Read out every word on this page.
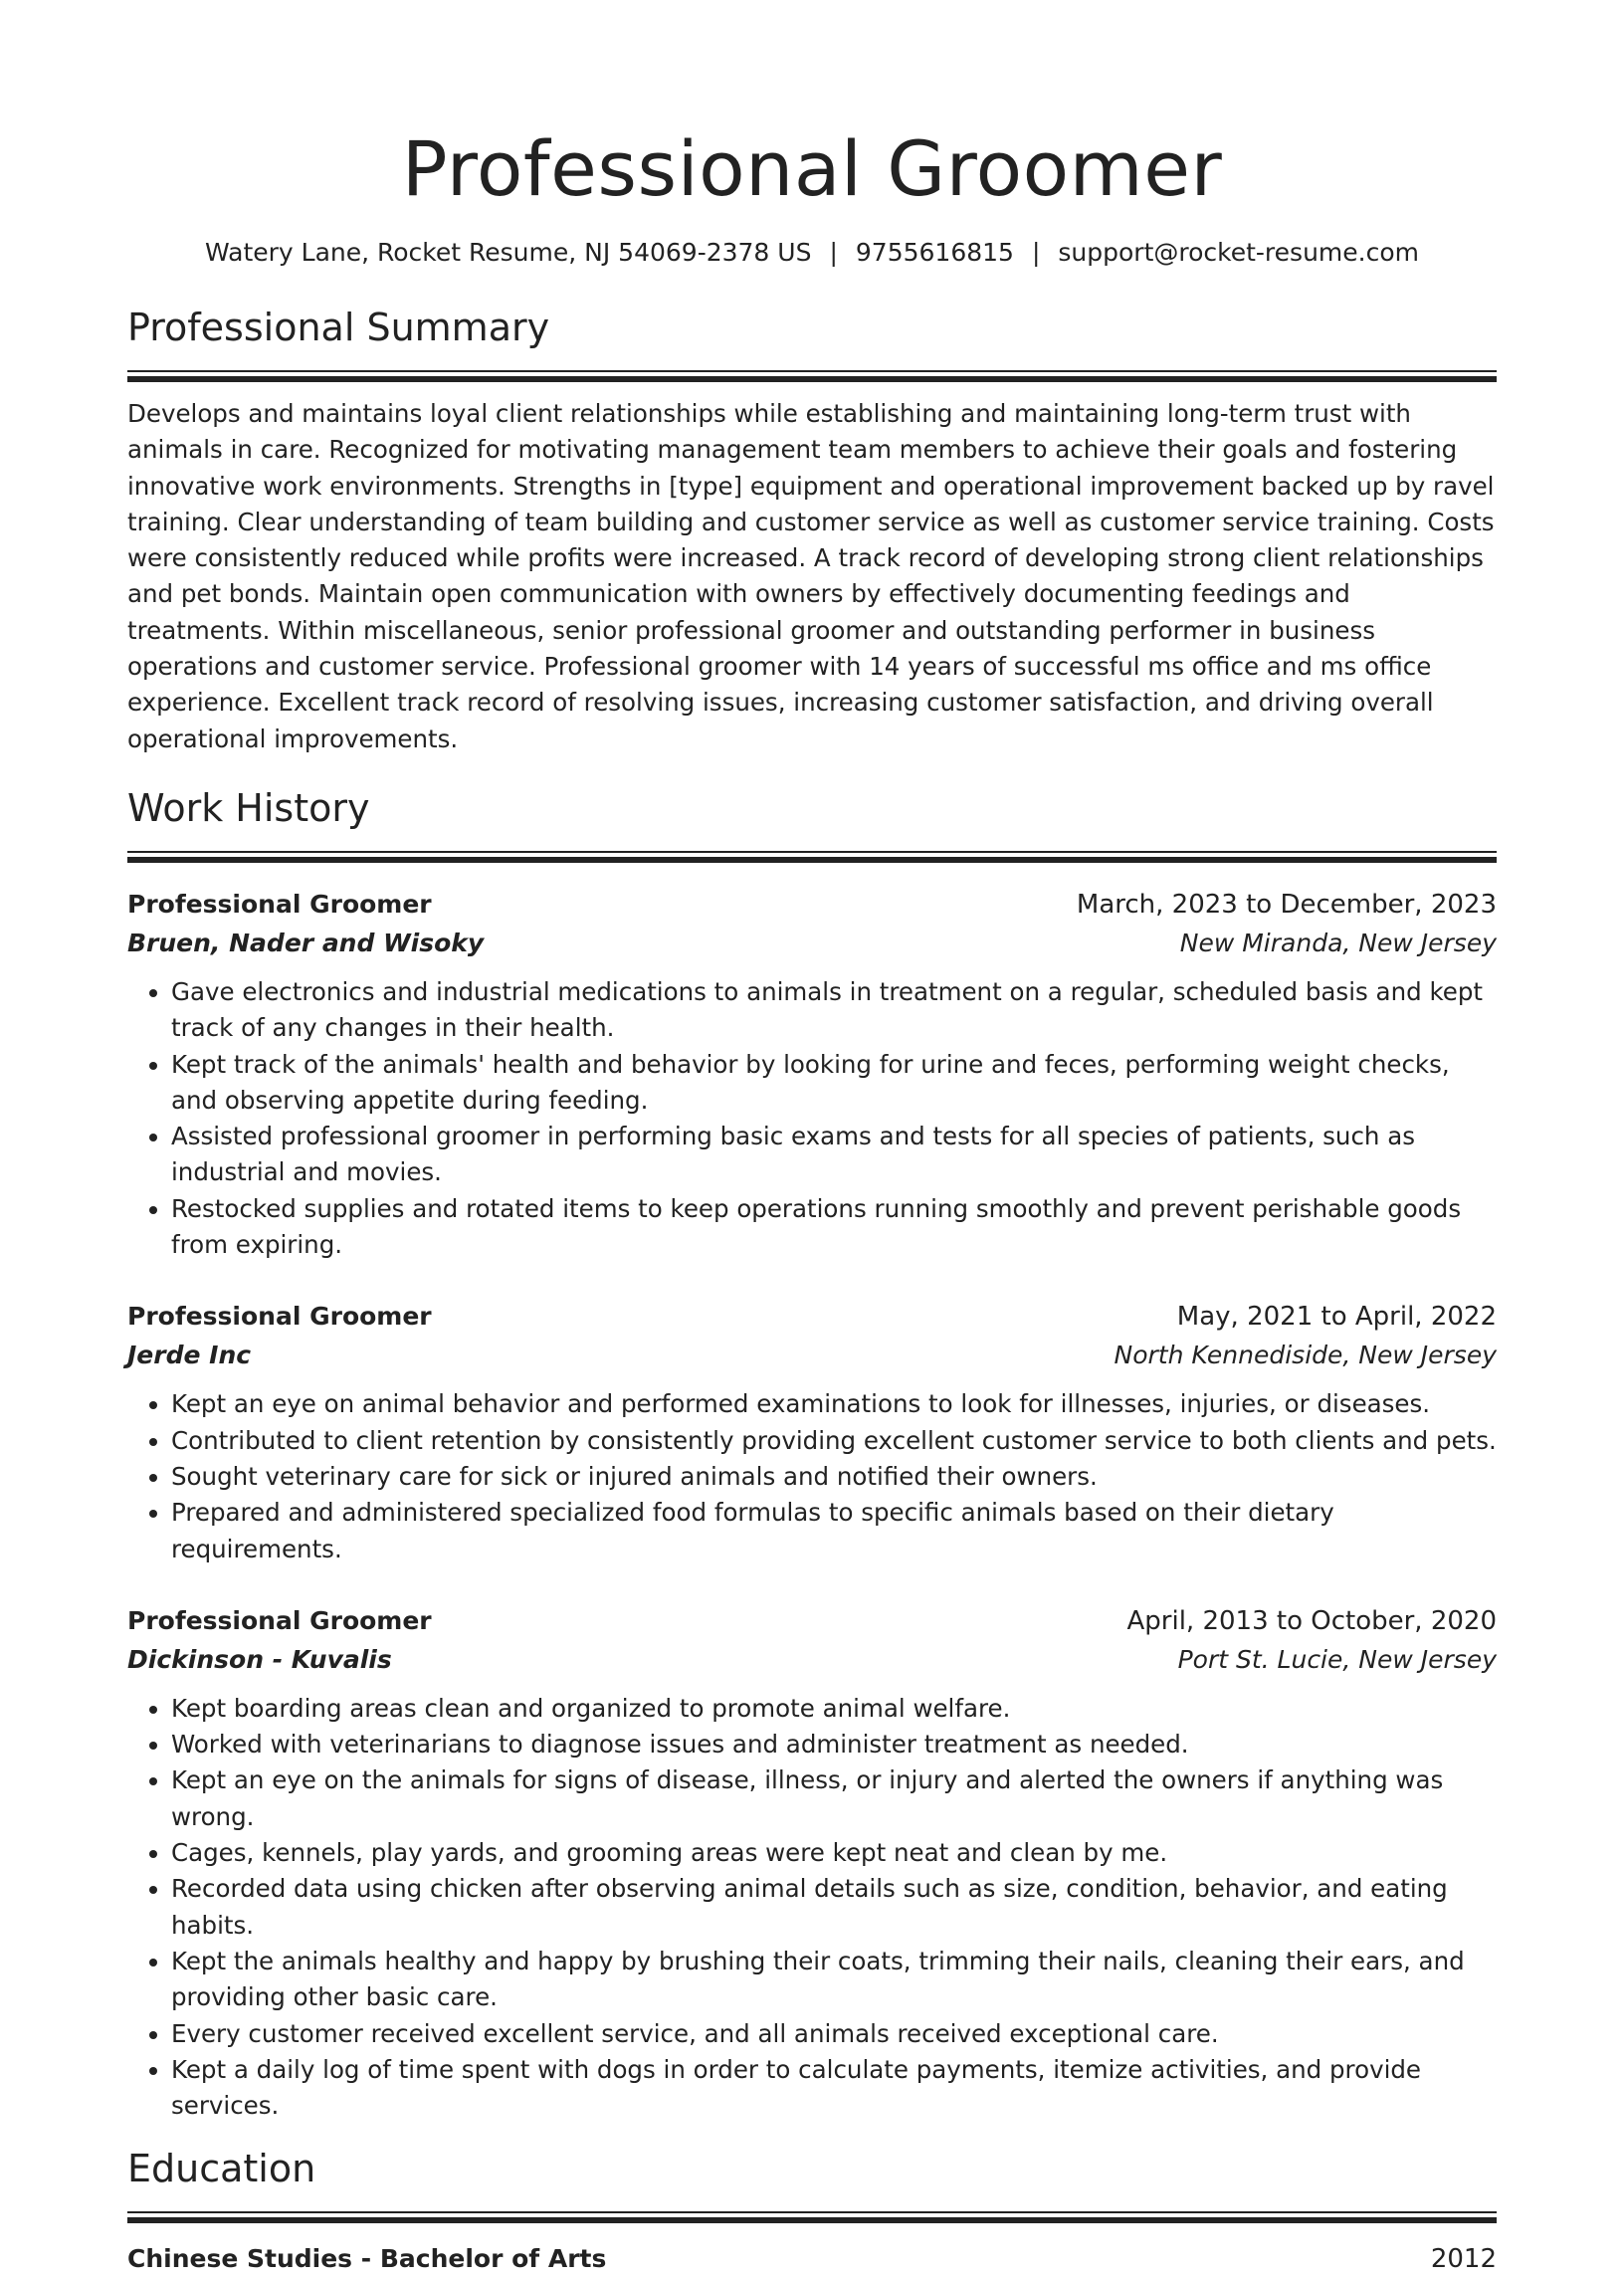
Professional Groomer
Watery Lane, Rocket Resume, NJ 54069-2378 US | 9755616815 | support@rocket-resume.com
Professional Summary

Develops and maintains loyal client relationships while establishing and maintaining long-term trust with animals in care. Recognized for motivating management team members to achieve their goals and fostering innovative work environments. Strengths in [type] equipment and operational improvement backed up by ravel training. Clear understanding of team building and customer service as well as customer service training. Costs were consistently reduced while profits were increased. A track record of developing strong client relationships and pet bonds. Maintain open communication with owners by effectively documenting feedings and treatments. Within miscellaneous, senior professional groomer and outstanding performer in business operations and customer service. Professional groomer with 14 years of successful ms office and ms office experience. Excellent track record of resolving issues, increasing customer satisfaction, and driving overall operational improvements.

Work History
Professional Groomer	March, 2023 to December, 2023
Bruen, Nader and Wisoky	New Miranda, New Jersey
• Gave electronics and industrial medications to animals in treatment on a regular, scheduled basis and kept track of any changes in their health.
• Kept track of the animals' health and behavior by looking for urine and feces, performing weight checks, and observing appetite during feeding.
• Assisted professional groomer in performing basic exams and tests for all species of patients, such as industrial and movies.
• Restocked supplies and rotated items to keep operations running smoothly and prevent perishable goods from expiring.
Professional Groomer	May, 2021 to April, 2022
Jerde Inc	North Kennediside, New Jersey
• Kept an eye on animal behavior and performed examinations to look for illnesses, injuries, or diseases.
• Contributed to client retention by consistently providing excellent customer service to both clients and pets.
• Sought veterinary care for sick or injured animals and notified their owners.
• Prepared and administered specialized food formulas to specific animals based on their dietary requirements.
Professional Groomer	April, 2013 to October, 2020
Dickinson - Kuvalis	Port St. Lucie, New Jersey
• Kept boarding areas clean and organized to promote animal welfare.
• Worked with veterinarians to diagnose issues and administer treatment as needed.
• Kept an eye on the animals for signs of disease, illness, or injury and alerted the owners if anything was wrong.
• Cages, kennels, play yards, and grooming areas were kept neat and clean by me.
• Recorded data using chicken after observing animal details such as size, condition, behavior, and eating habits.
• Kept the animals healthy and happy by brushing their coats, trimming their nails, cleaning their ears, and providing other basic care.
• Every customer received excellent service, and all animals received exceptional care.
• Kept a daily log of time spent with dogs in order to calculate payments, itemize activities, and provide services.
Education
Chinese Studies - Bachelor of Arts	2012
